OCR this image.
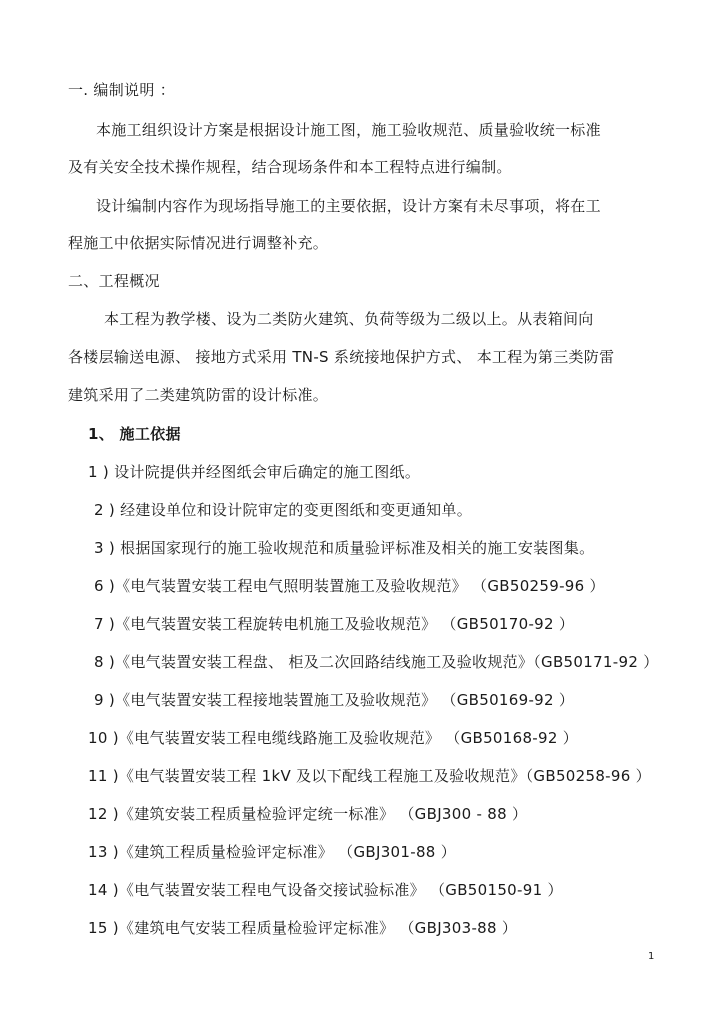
一. 编制说明 ：
本施工组织设计方案是根据设计施工图，施工验收规范、质量验收统一标准
及有关安全技术操作规程，结合现场条件和本工程特点进行编制。
设计编制内容作为现场指导施工的主要依据，设计方案有未尽事项，将在工
程施工中依据实际情况进行调整补充。
二、工程概况
本工程为教学楼、设为二类防火建筑、负荷等级为二级以上。从表箱间向
各楼层输送电源、 接地方式采用 TN-S 系统接地保护方式、 本工程为第三类防雷
建筑采用了二类建筑防雷的设计标准。
1、 施工依据
1 ) 设计院提供并经图纸会审后确定的施工图纸。
2 ) 经建设单位和设计院审定的变更图纸和变更通知单。
3 ) 根据国家现行的施工验收规范和质量验评标准及相关的施工安装图集。
6 )《电气装置安装工程电气照明装置施工及验收规范》 （GB50259-96 ）
7 )《电气装置安装工程旋转电机施工及验收规范》 （GB50170-92 ）
8 )《电气装置安装工程盘、 柜及二次回路结线施工及验收规范》（GB50171-92 ）
9 )《电气装置安装工程接地装置施工及验收规范》 （GB50169-92 ）
10 )《电气装置安装工程电缆线路施工及验收规范》 （GB50168-92 ）
11 )《电气装置安装工程 1kV 及以下配线工程施工及验收规范》（GB50258-96 ）
12 )《建筑安装工程质量检验评定统一标准》 （GBJ300 - 88 ）
13 )《建筑工程质量检验评定标准》 （GBJ301-88 ）
14 )《电气装置安装工程电气设备交接试验标准》 （GB50150-91 ）
15 )《建筑电气安装工程质量检验评定标准》 （GBJ303-88 ）
1
